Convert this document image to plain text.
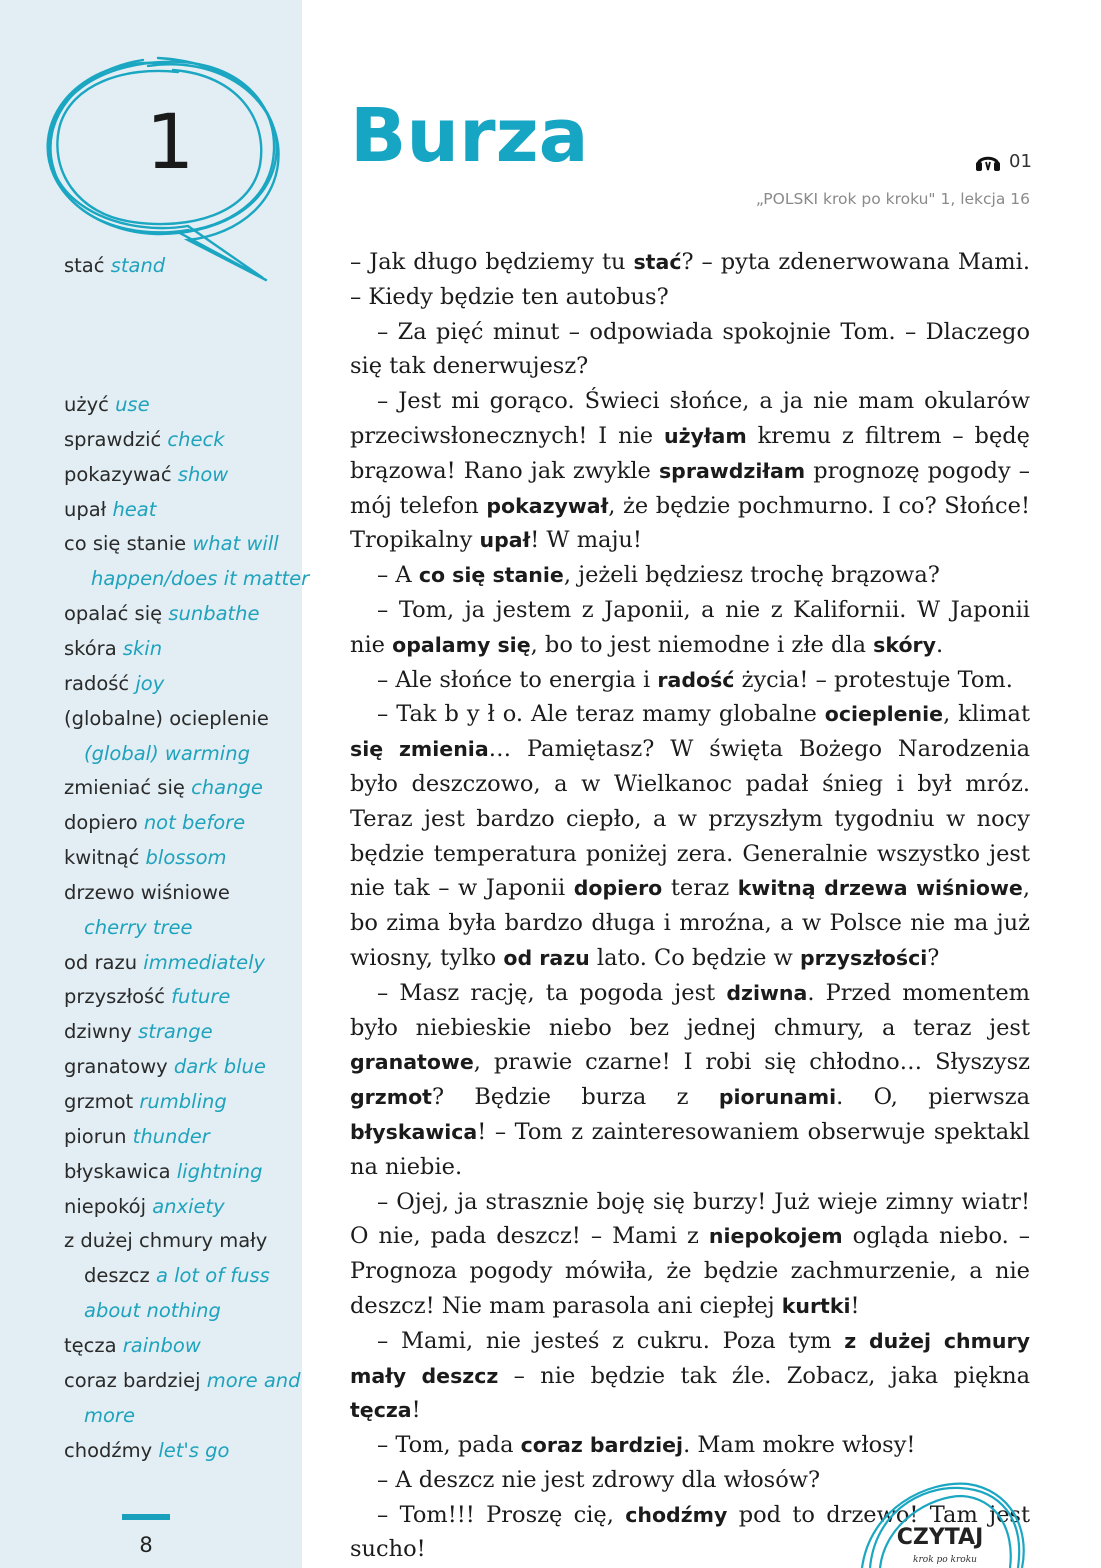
1
stać stand
użyć use
sprawdzić check
pokazywać show
upał heat
co się stanie what will
happen/does it matter
opalać się sunbathe
skóra skin
radość joy
(globalne) ocieplenie
(global) warming
zmieniać się change
dopiero not before
kwitnąć blossom
drzewo wiśniowe
cherry tree
od razu immediately
przyszłość future
dziwny strange
granatowy dark blue
grzmot rumbling
piorun thunder
błyskawica lightning
niepokój anxiety
z dużej chmury mały
deszcz a lot of fuss
about nothing
tęcza rainbow
coraz bardziej more and
more
chodźmy let's go
8
Burza	01
„POLSKI krok po kroku" 1, lekcja 16

– Jak długo będziemy tu stać? – pyta zdenerwowana Mami. – Kiedy będzie ten autobus?

– Za pięć minut – odpowiada spokojnie Tom. – Dlaczego się tak denerwujesz?

– Jest mi gorąco. Świeci słońce, a ja nie mam okularów przeciwsłonecznych! I nie użyłam kremu z filtrem – będę brązowa! Rano jak zwykle sprawdziłam prognozę pogody – mój telefon pokazywał, że będzie pochmurno. I co? Słońce! Tropikalny upał! W maju!

– A co się stanie, jeżeli będziesz trochę brązowa?

– Tom, ja jestem z Japonii, a nie z Kalifornii. W Japonii nie opalamy się, bo to jest niemodne i złe dla skóry.

– Ale słońce to energia i radość życia! – protestuje Tom.

– Tak b y ł o. Ale teraz mamy globalne ocieplenie, klimat się zmienia… Pamiętasz? W święta Bożego Narodzenia było deszczowo, a w Wielkanoc padał śnieg i był mróz. Teraz jest bardzo ciepło, a w przyszłym tygodniu w nocy będzie temperatura poniżej zera. Generalnie wszystko jest nie tak – w Japonii dopiero teraz kwitną drzewa wiśniowe, bo zima była bardzo długa i mroźna, a w Polsce nie ma już wiosny, tylko od razu lato. Co będzie w przyszłości?

– Masz rację, ta pogoda jest dziwna. Przed momentem było niebieskie niebo bez jednej chmury, a teraz jest granatowe, prawie czarne! I robi się chłodno… Słyszysz grzmot? Będzie burza z piorunami. O, pierwsza błyskawica! – Tom z zainteresowaniem obserwuje spektakl na niebie.

– Ojej, ja strasznie boję się burzy! Już wieje zimny wiatr! O nie, pada deszcz! – Mami z niepokojem ogląda niebo. – Prognoza pogody mówiła, że będzie zachmurzenie, a nie deszcz! Nie mam parasola ani ciepłej kurtki!

– Mami, nie jesteś z cukru. Poza tym z dużej chmury mały deszcz – nie będzie tak źle. Zobacz, jaka piękna tęcza!

– Tom, pada coraz bardziej. Mam mokre włosy!

– A deszcz nie jest zdrowy dla włosów?

– Tom!!! Proszę cię, chodźmy pod to drzewo! Tam jest sucho!	CZYTAJ
krok po kroku
